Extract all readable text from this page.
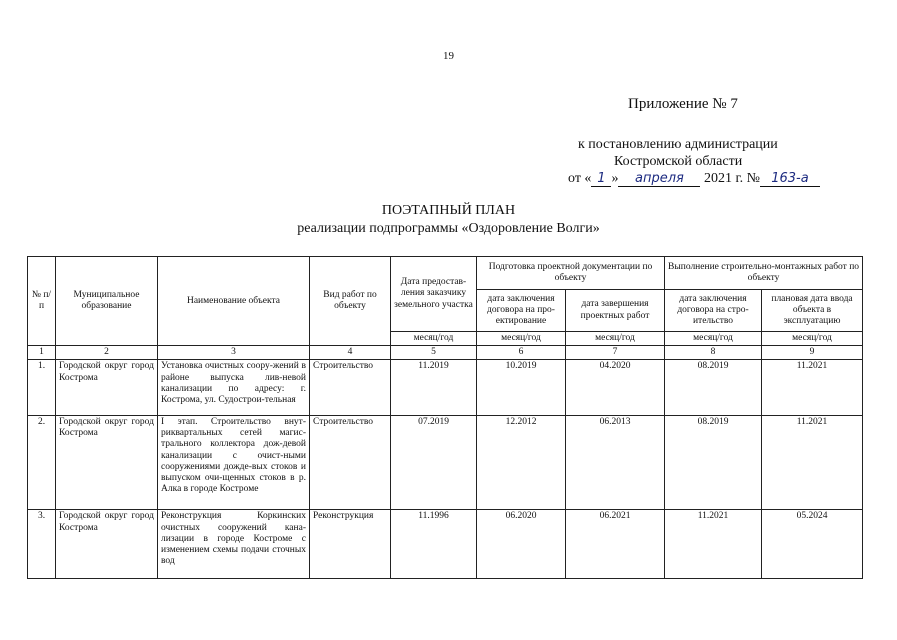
19
Приложение № 7
к постановлению администрации
Костромской области
от « 1 » апреля 2021 г. № 163-а
ПОЭТАПНЫЙ ПЛАН
реализации подпрограммы «Оздоровление Волги»
№ п/п	Муниципальное образование	Наименование объекта	Вид работ по объекту	Дата предостав-ления заказчику земельного участка	Подготовка проектной документации по объекту		Выполнение строительно-монтажных работ по объекту	
					дата заключения договора на про-ектирование	дата завершения проектных работ	дата заключения договора на стро-ительство	плановая дата ввода объекта в эксплуатацию
				месяц/год	месяц/год	месяц/год	месяц/год	месяц/год
1	2	3	4	5	6	7	8	9
1.	Городской округ город Кострома	Установка очистных соору-жений в районе выпуска лив-невой канализации по адресу: г. Кострома, ул. Судострои-тельная	Строительство	11.2019	10.2019	04.2020	08.2019	11.2021
2.	Городской округ город Кострома	I этап. Строительство внут-риквартальных сетей магис-трального коллектора дож-девой канализации с очист-ными сооружениями дожде-вых стоков и выпуском очи-щенных стоков в р. Алка в городе Костроме	Строительство	07.2019	12.2012	06.2013	08.2019	11.2021
3.	Городской округ город Кострома	Реконструкция Коркинских очистных сооружений кана-лизации в городе Костроме с изменением схемы подачи сточных вод	Реконструкция	11.1996	06.2020	06.2021	11.2021	05.2024
